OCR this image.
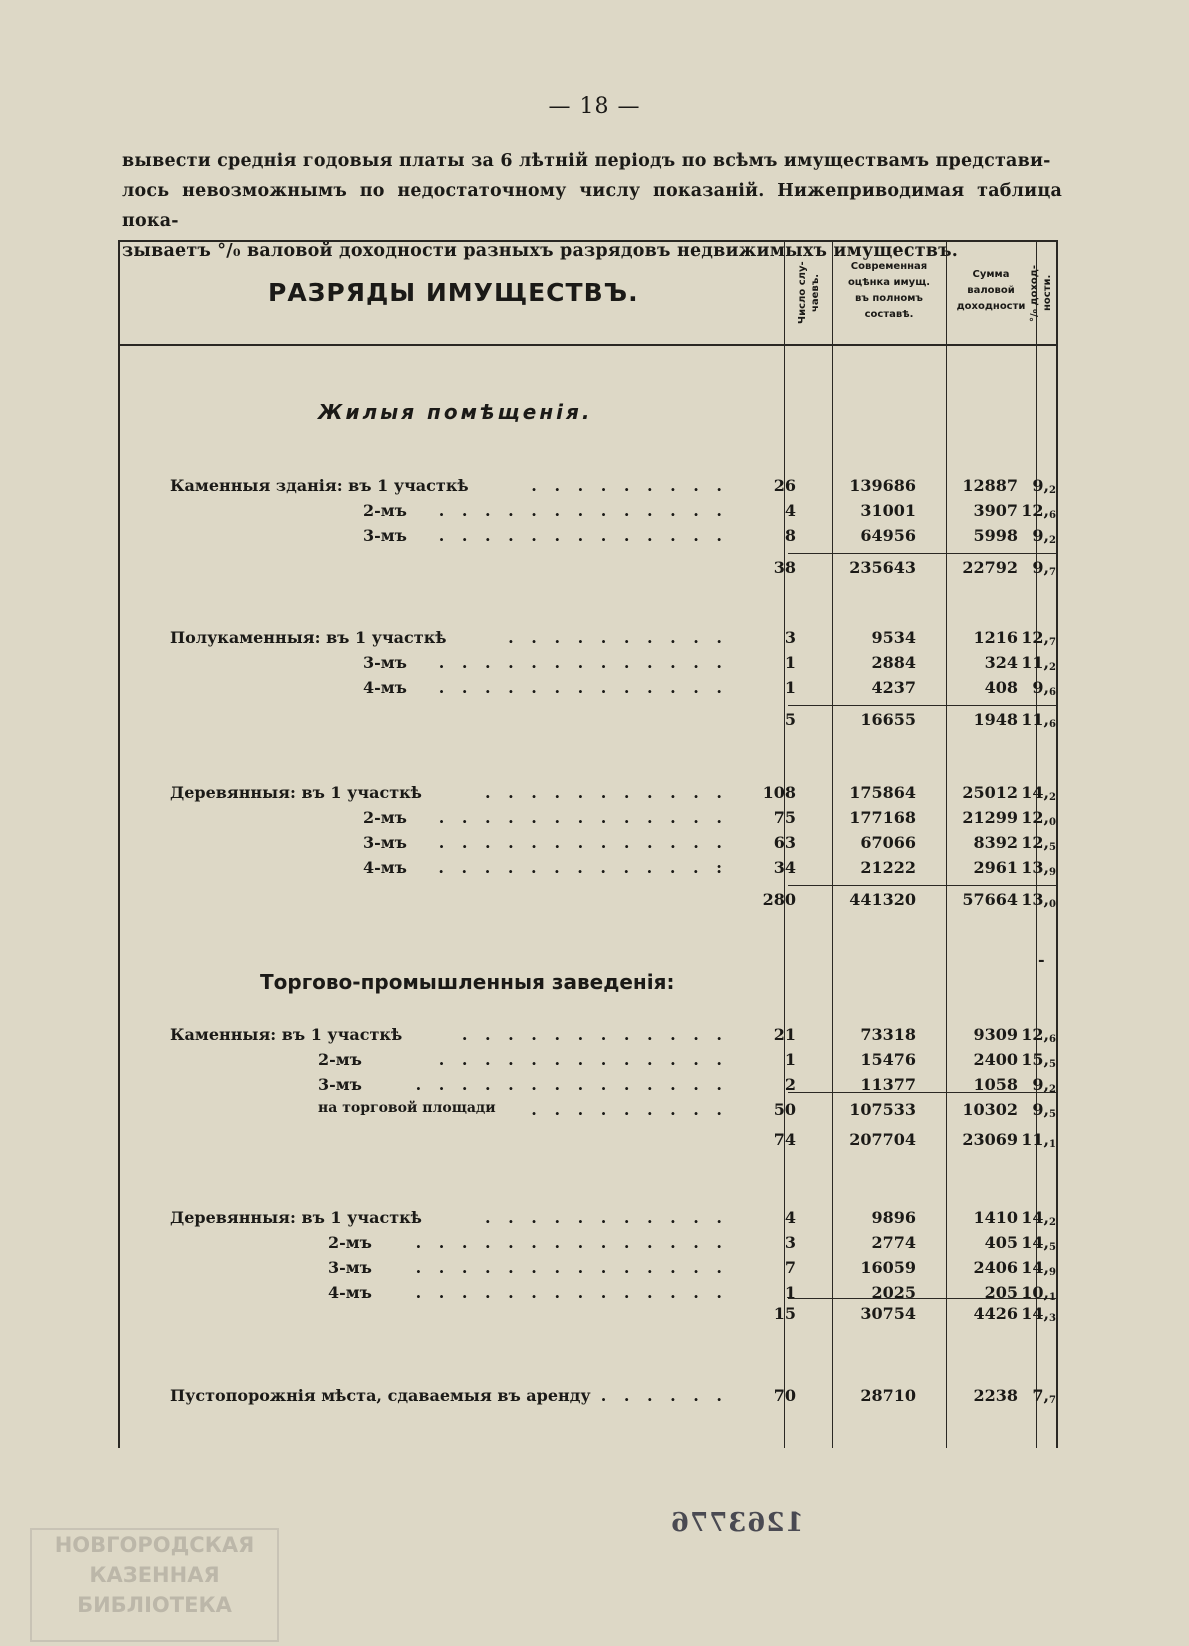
— 18 —

вывести среднія годовыя платы за 6 лѣтній періодъ по всѣмъ имуществамъ представи-

лось невозможнымъ по недостаточному числу показаній. Нижеприводимая таблица пока-

зываетъ °/₀ валовой доходности разныхъ разрядовъ недвижимыхъ имуществъ.

РАЗРЯДЫ ИМУЩЕСТВЪ.	Число слу-чаевъ.
Современная
оцѣнка имущ.
въ полномъ
составѣ.
Сумма
валовой
доходности °/₀ доход-ности.
Жилыя помѣщенія.
Торгово-промышленныя заведенія:
-
Каменныя зданія: въ 1 участкѣ	. . . . . . . . .	26	139686	12887 $9,_2$
2-мъ . . . . . . . . . . . . .	4	31001	3907 $12,_6$
3-мъ . . . . . . . . . . . . .	8	64956	5998 $9,_2$
38	235643	22792 $9,_7$
Полукаменныя: въ 1 участкѣ	. . . . . . . . . .	3	9534	1216 $12,_7$
3-мъ . . . . . . . . . . . . .	1	2884	324 $11,_2$
4-мъ . . . . . . . . . . . . .	1	4237	408 $9,_6$
5	16655	1948 $11,_6$
Деревянныя: въ 1 участкѣ	. . . . . . . . . . .	108	175864	25012 $14,_2$
2-мъ . . . . . . . . . . . . .	75	177168	21299 $12,_0$
3-мъ . . . . . . . . . . . . .	63	67066	8392 $12,_5$
4-мъ . . . . . . . . . . . . :	34	21222	2961 $13,_9$
280	441320	57664 $13,_0$
Каменныя: въ 1 участкѣ	. . . . . . . . . . . .	21	73318	9309 $12,_6$
2-мъ	. . . . . . . . . . . . .	1	15476	2400 $15,_5$
3-мъ	. . . . . . . . . . . . . .	2	11377	1058 $9,_2$
на торговой площади . . . . . . . . .	50	107533	10302 $9,_5$
74	207704	23069 $11,_1$
Деревянныя: въ 1 участкѣ	. . . . . . . . . . .	4	9896	1410 $14,_2$
2-мъ	. . . . . . . . . . . . . .	3	2774	405 $14,_5$
3-мъ	. . . . . . . . . . . . . .	7	16059	2406 $14,_9$
4-мъ	. . . . . . . . . . . . . .	1	2025	205 $10,_1$
15	30754	4426 $14,_3$
Пустопорожнія мѣста, сдаваемыя въ аренду . . . . . .	70	28710	2238 $7,_7$
НОВГОРОДСКАЯ
КАЗЕННАЯ
БИБЛІОТЕКА
1263776
